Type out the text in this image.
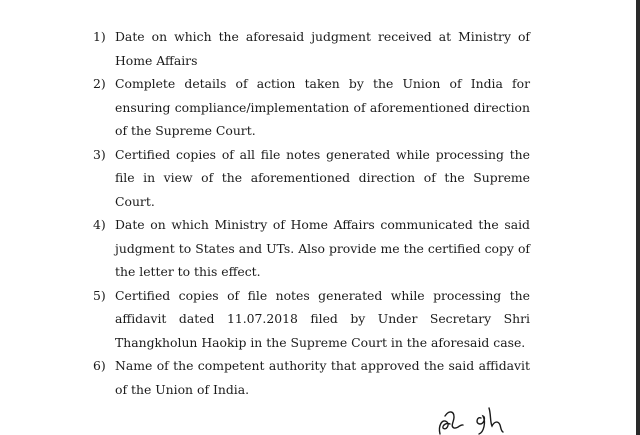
1) Date on which the aforesaid judgment received at Ministry of Home Affairs
2) Complete details of action taken by the Union of India for ensuring compliance/implementation of aforementioned direction of the Supreme Court.
3) Certified copies of all file notes generated while processing the file in view of the aforementioned direction of the Supreme Court.
4) Date on which Ministry of Home Affairs communicated the said judgment to States and UTs. Also provide me the certified copy of the letter to this effect.
5) Certified copies of file notes generated while processing the affidavit dated 11.07.2018 filed by Under Secretary Shri Thangkholun Haokip in the Supreme Court in the aforesaid case.
6) Name of the competent authority that approved the said affidavit of the Union of India.
